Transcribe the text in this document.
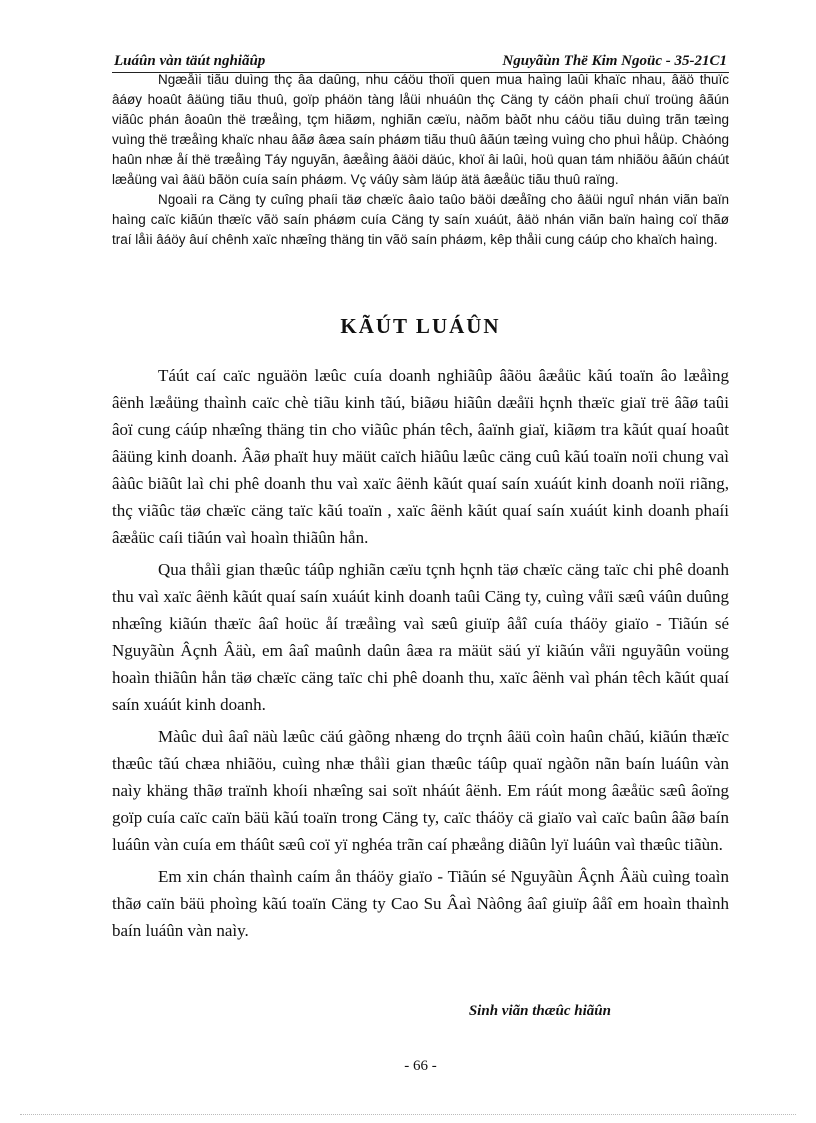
Luáûn vàn täút nghiãûp	Nguyãùn Thë Kim Ngoüc - 35-21C1

Ngæåìi tiãu duìng thç âa daûng, nhu cáöu thoïi quen mua haìng laûi khaïc nhau, âäö thuïc âáøy hoaût âäüng tiãu thuû, goïp pháön tàng låüi nhuáûn thç Cäng ty cáön phaíi chuï troüng âãún viãûc phán âoaûn thë træåìng, tçm hiãøm, nghiãn cæïu, nàõm bàõt nhu cáöu tiãu duìng trãn tæìng vuìng thë træåìng khaïc nhau âãø âæa saín pháøm tiãu thuû âãún tæìng vuìng cho phuì håüp. Chàóng haûn nhæ åí thë træåìng Táy nguyãn, âæåìng âäöi däúc, khoï âi laûi, hoü quan tám nhiãöu âãún cháút læåüng vaì âäü bãön cuía saín pháøm. Vç váûy sàm läúp ätä âæåüc tiãu thuû raïng.

Ngoaìi ra Cäng ty cuîng phaíi täø chæïc âaìo taûo bäöi dæåîng cho âäüi nguî nhán viãn baïn haìng caïc kiãún thæïc vãö saín pháøm cuía Cäng ty saín xuáút, âäö nhán viãn baïn haìng coï thãø traí låìi âáöy âuí chênh xaïc nhæîng thäng tin vãö saín pháøm, kêp thåìi cung cáúp cho khaïch haìng.

KÃÚT LUÁÛN

Táút caí caïc nguäön læûc cuía doanh nghiãûp âãöu âæåüc kãú toaïn âo læåìng âënh læåüng thaình caïc chè tiãu kinh tãú, biãøu hiãûn dæåïi hçnh thæïc giaï trë âãø taûi âoï cung cáúp nhæîng thäng tin cho viãûc phán têch, âaïnh giaï, kiãøm tra kãút quaí hoaût âäüng kinh doanh. Âãø phaït huy mäüt caïch hiãûu læûc cäng cuû kãú toaïn noïi chung vaì âàûc biãût laì chi phê doanh thu vaì xaïc âënh kãút quaí saín xuáút kinh doanh noïi riãng, thç viãûc täø chæïc cäng taïc kãú toaïn , xaïc âënh kãút quaí saín xuáút kinh doanh phaíi âæåüc caíi tiãún vaì hoaìn thiãûn hån.

Qua thåìi gian thæûc táûp nghiãn cæïu tçnh hçnh täø chæïc cäng taïc chi phê doanh thu vaì xaïc âënh kãút quaí saín xuáút kinh doanh taûi Cäng ty, cuìng våïi sæû váûn duûng nhæîng kiãún thæïc âaî hoüc åí træåìng vaì sæû giuïp âåî cuía tháöy giaïo - Tiãún sé Nguyãùn Âçnh Âäù, em âaî maûnh daûn âæa ra mäüt säú yï kiãún våïi nguyãûn voüng hoaìn thiãûn hån täø chæïc cäng taïc chi phê doanh thu, xaïc âënh vaì phán têch kãút quaí saín xuáút kinh doanh.

Màûc duì âaî näù læûc cäú gàõng nhæng do trçnh âäü coìn haûn chãú, kiãún thæïc thæûc tãú chæa nhiãöu, cuìng nhæ thåìi gian thæûc táûp quaï ngàõn nãn baín luáûn vàn naìy khäng thãø traïnh khoíi nhæîng sai soït nháút âënh. Em ráút mong âæåüc sæû âoïng goïp cuía caïc caïn bäü kãú toaïn trong Cäng ty, caïc tháöy cä giaïo vaì caïc baûn âãø baín luáûn vàn cuía em tháût sæû coï yï nghéa trãn caí phæång diãûn lyï luáûn vaì thæûc tiãùn.

Em xin chán thaình caím ån tháöy giaïo - Tiãún sé Nguyãùn Âçnh Âäù cuìng toaìn thãø caïn bäü phoìng kãú toaïn Cäng ty Cao Su Âaì Nàông âaî giuïp âåî em hoaìn thaình baín luáûn vàn naìy.

Sinh viãn thæûc hiãûn
- 66 -
